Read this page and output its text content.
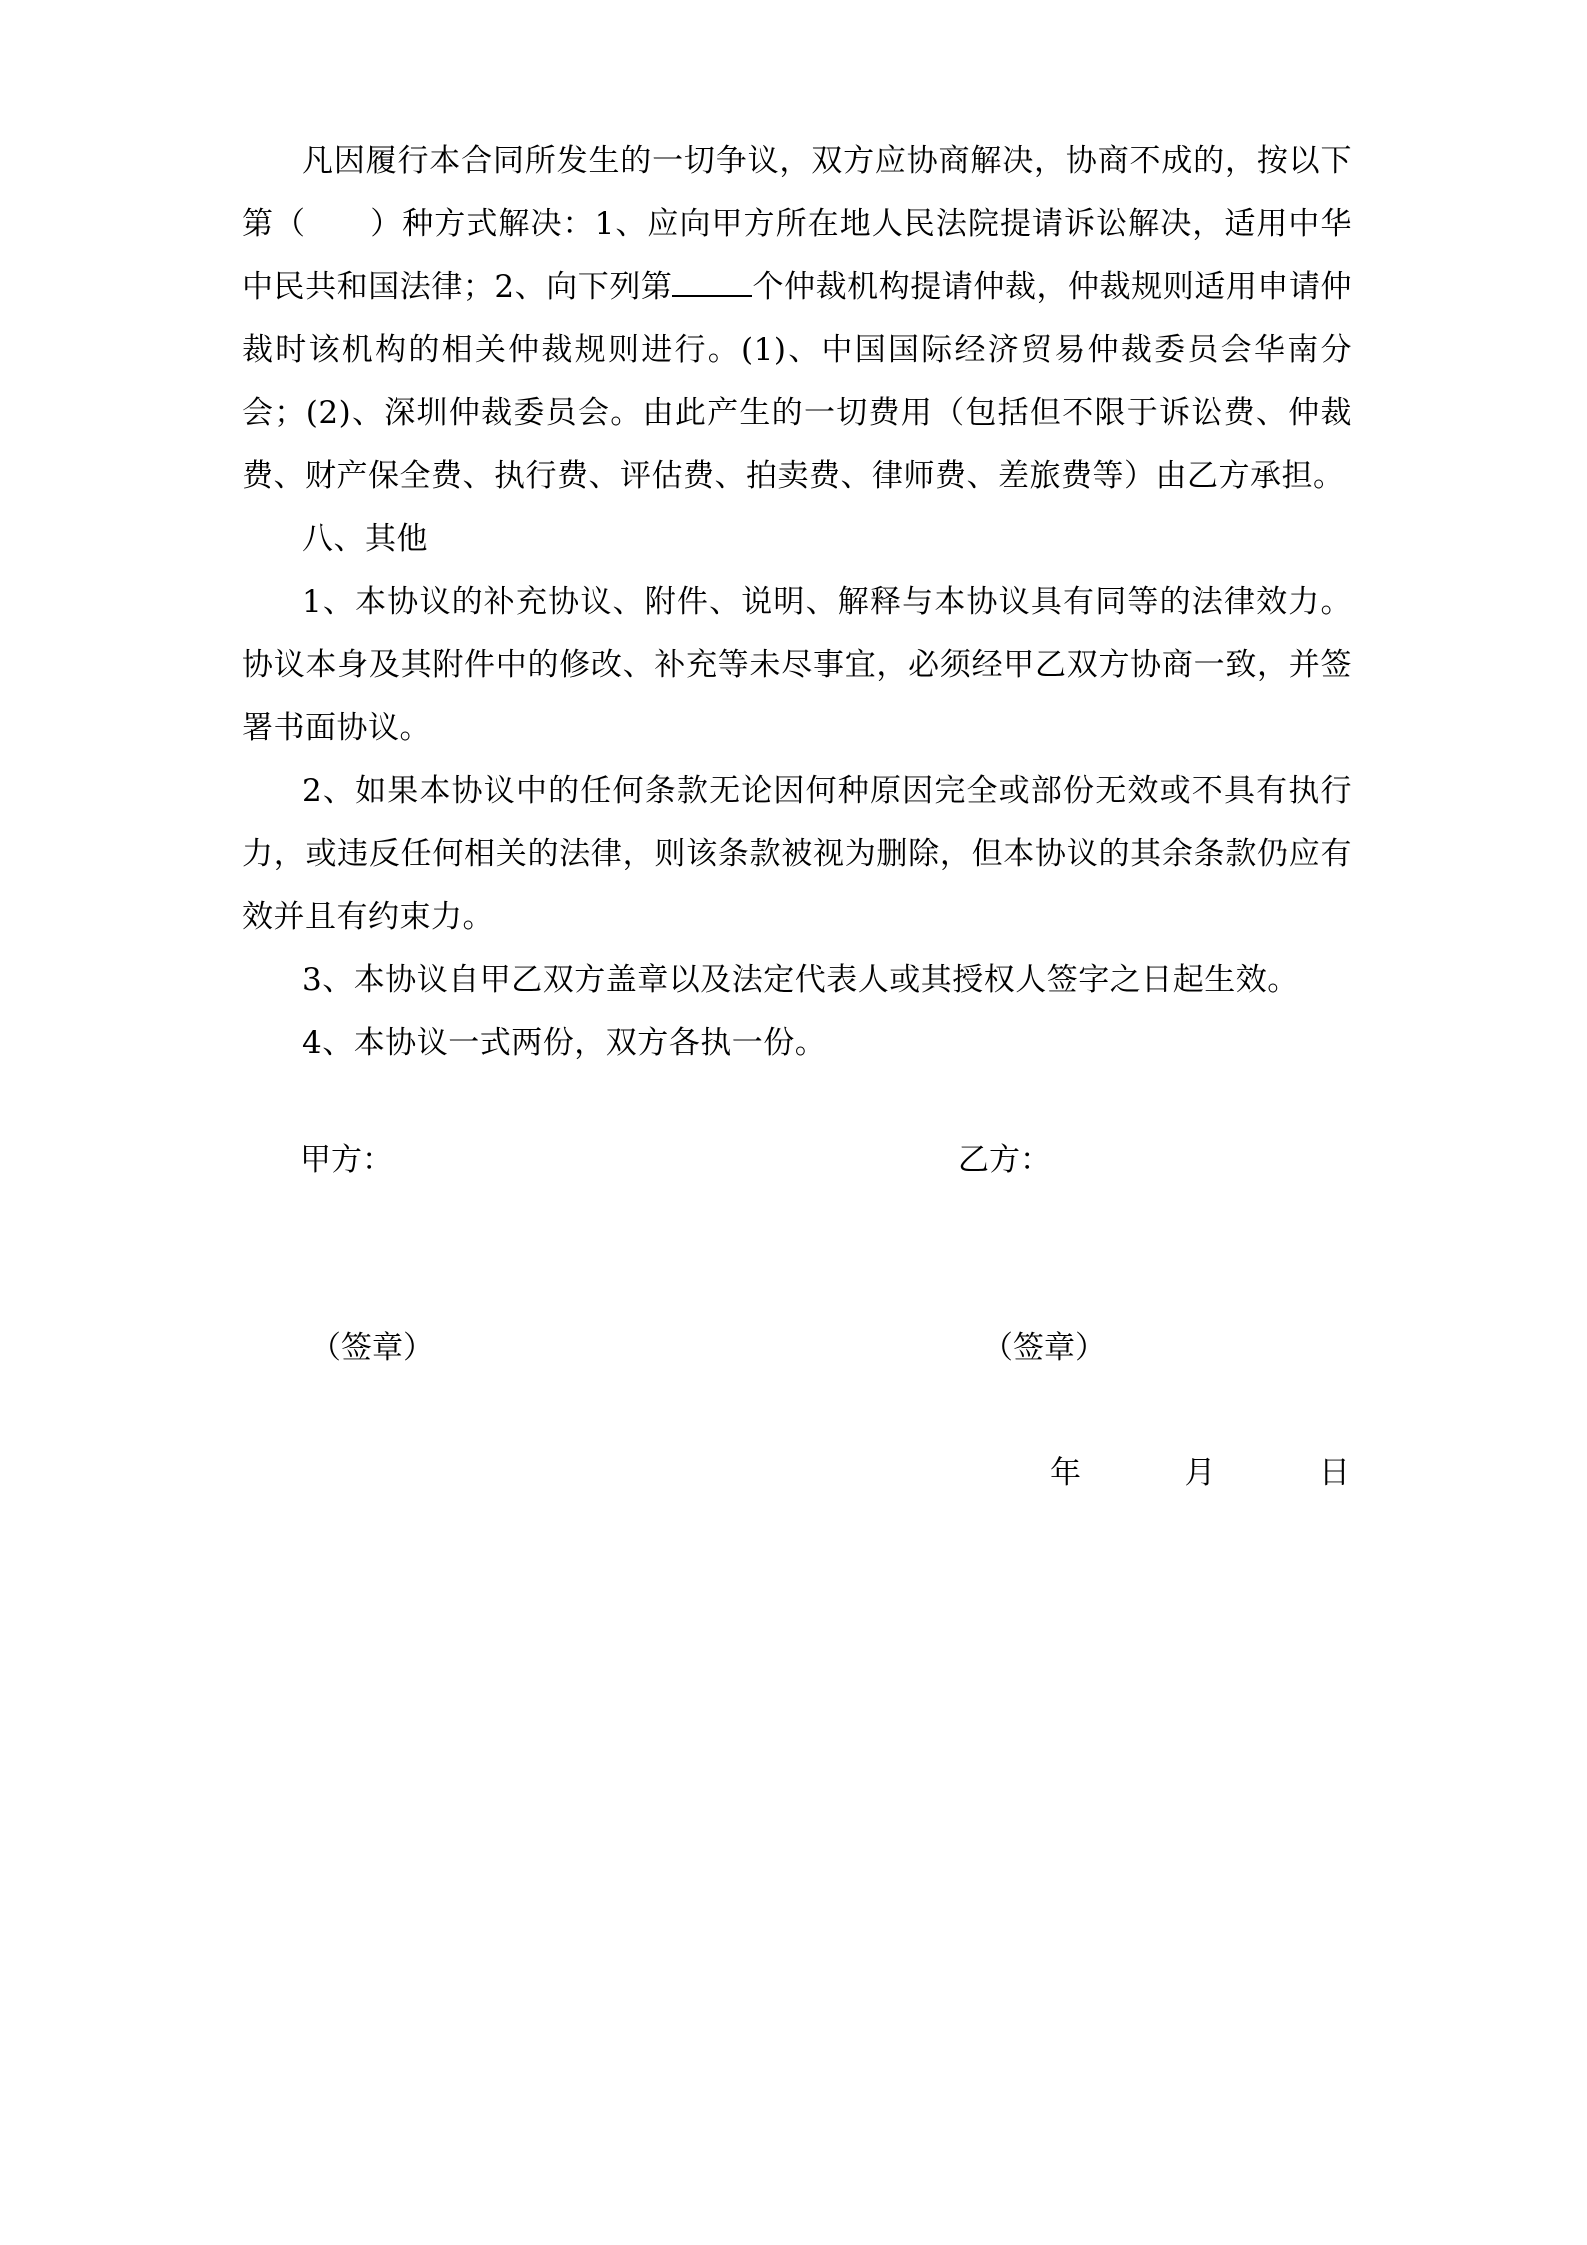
凡因履行本合同所发生的一切争议，双方应协商解决，协商不成的，按以下第（　　）种方式解决：1、应向甲方所在地人民法院提请诉讼解决，适用中华中民共和国法律；2、向下列第	个仲裁机构提请仲裁，仲裁规则适用申请仲裁时该机构的相关仲裁规则进行。(1)、中国国际经济贸易仲裁委员会华南分会；(2)、深圳仲裁委员会。由此产生的一切费用（包括但不限于诉讼费、仲裁费、财产保全费、执行费、评估费、拍卖费、律师费、差旅费等）由乙方承担。

八、其他

1、本协议的补充协议、附件、说明、解释与本协议具有同等的法律效力。协议本身及其附件中的修改、补充等未尽事宜，必须经甲乙双方协商一致，并签署书面协议。

2、如果本协议中的任何条款无论因何种原因完全或部份无效或不具有执行力，或违反任何相关的法律，则该条款被视为删除，但本协议的其余条款仍应有效并且有约束力。

3、本协议自甲乙双方盖章以及法定代表人或其授权人签字之日起生效。

4、本协议一式两份，双方各执一份。

甲方：	乙方：
（签章）	（签章）
年	月	日
